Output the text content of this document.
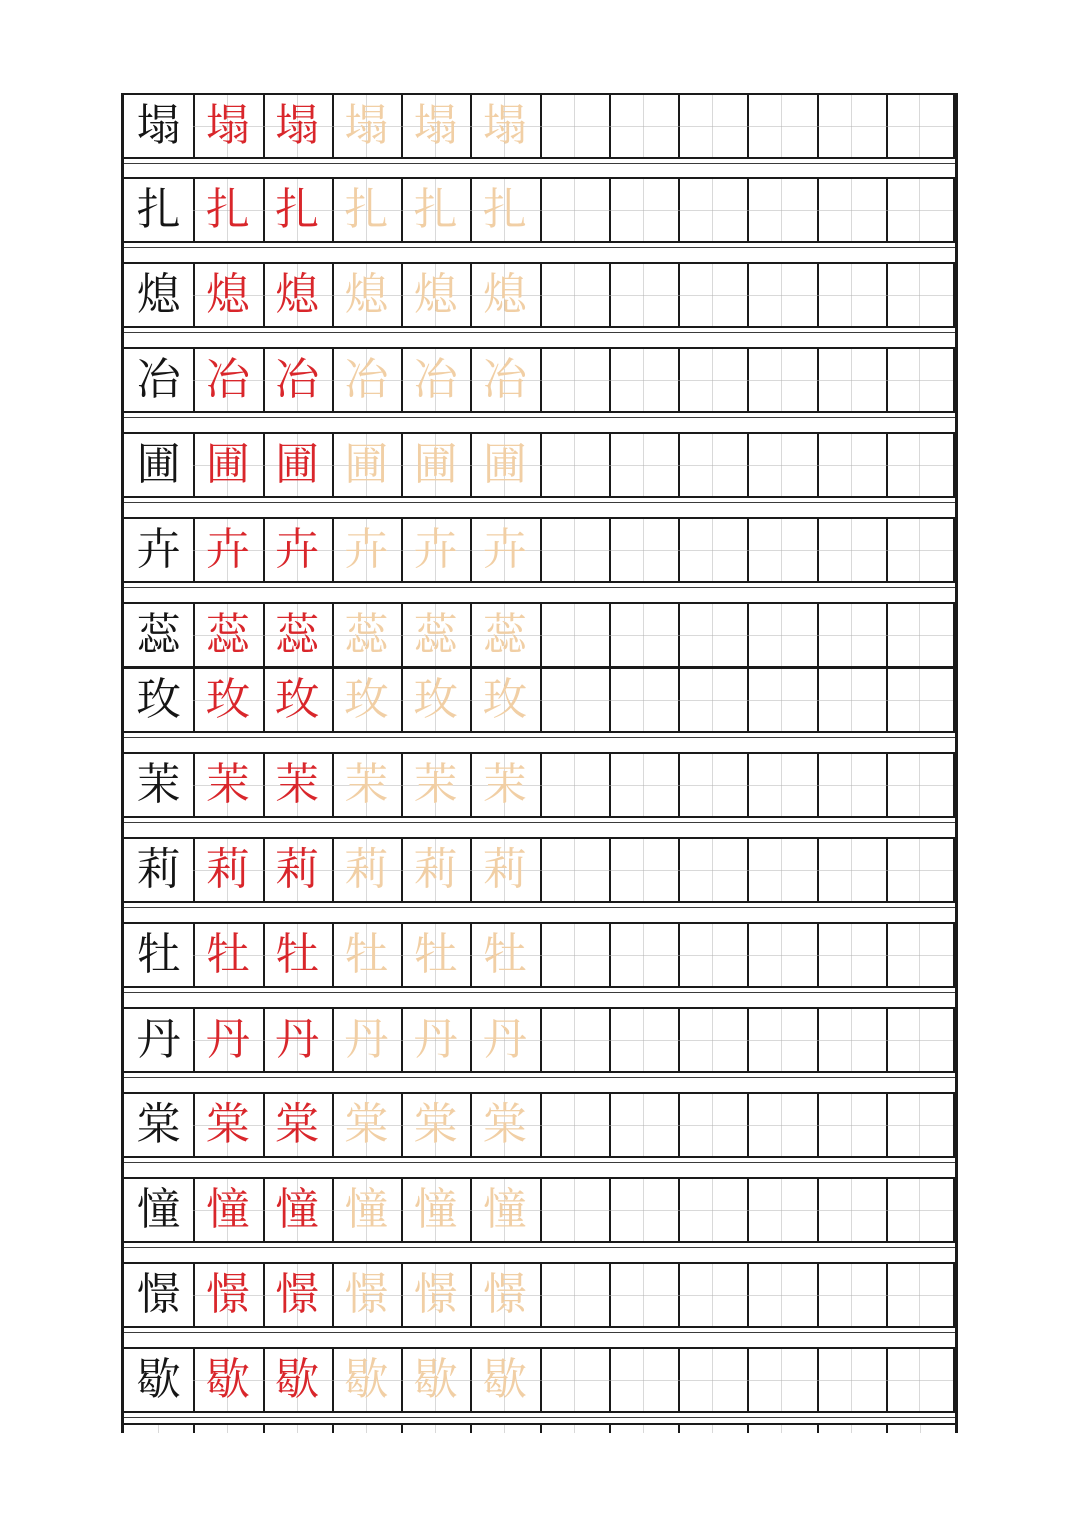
塌 塌 塌 塌 塌 塌
扎 扎 扎 扎 扎 扎
熄 熄 熄 熄 熄 熄
冶 冶 冶 冶 冶 冶
圃 圃 圃 圃 圃 圃
卉 卉 卉 卉 卉 卉
蕊 蕊 蕊 蕊 蕊 蕊
玫 玫 玫 玫 玫 玫
茉 茉 茉 茉 茉 茉
莉 莉 莉 莉 莉 莉
牡 牡 牡 牡 牡 牡
丹 丹 丹 丹 丹 丹
棠 棠 棠 棠 棠 棠
憧 憧 憧 憧 憧 憧
憬 憬 憬 憬 憬 憬
歇 歇 歇 歇 歇 歇
